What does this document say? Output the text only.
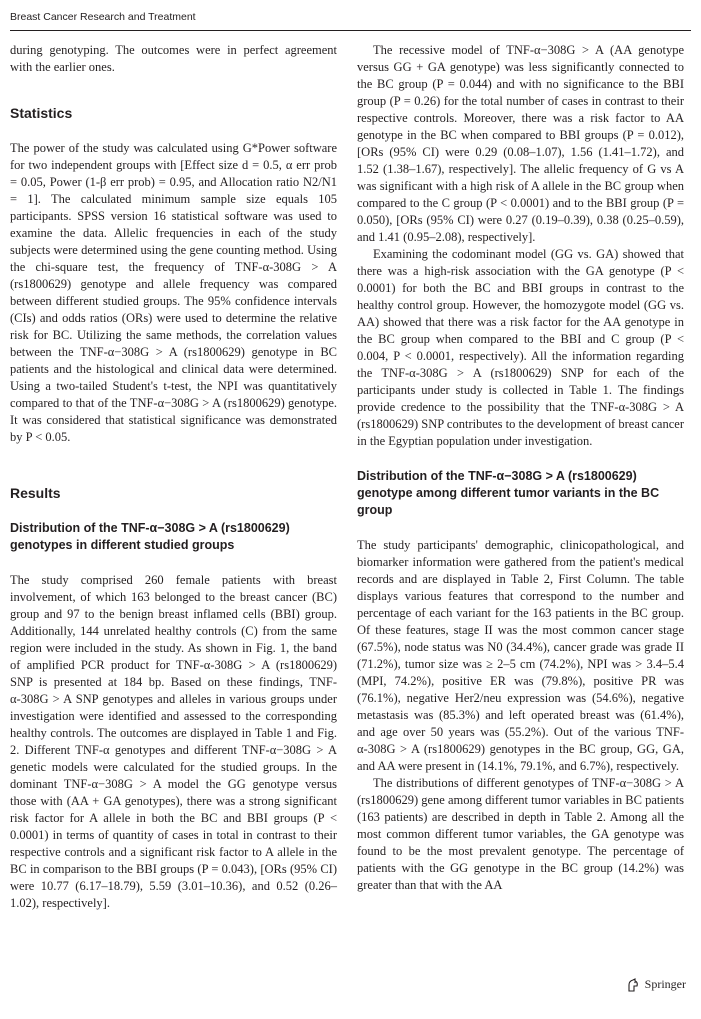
Breast Cancer Research and Treatment

during genotyping. The outcomes were in perfect agreement with the earlier ones.

Statistics

The power of the study was calculated using G*Power software for two independent groups with [Effect size d = 0.5, α err prob = 0.05, Power (1-β err prob) = 0.95, and Allocation ratio N2/N1 = 1]. The calculated minimum sample size equals 105 participants. SPSS version 16 statistical software was used to examine the data. Allelic frequencies in each of the study subjects were determined using the gene counting method. Using the chi-square test, the frequency of TNF-α-308G > A (rs1800629) genotype and allele frequency was compared between different studied groups. The 95% confidence intervals (CIs) and odds ratios (ORs) were used to determine the relative risk for BC. Utilizing the same methods, the correlation values between the TNF-α−308G > A (rs1800629) genotype in BC patients and the histological and clinical data were determined. Using a two-tailed Student's t-test, the NPI was quantitatively compared to that of the TNF-α−308G > A (rs1800629) genotype. It was considered that statistical significance was demonstrated by P < 0.05.

Results
Distribution of the TNF-α−308G > A (rs1800629) genotypes in different studied groups

The study comprised 260 female patients with breast involvement, of which 163 belonged to the breast cancer (BC) group and 97 to the benign breast inflamed cells (BBI) group. Additionally, 144 unrelated healthy controls (C) from the same region were included in the study. As shown in Fig. 1, the band of amplified PCR product for TNF-α-308G > A (rs1800629) SNP is presented at 184 bp. Based on these findings, TNF-α-308G > A SNP genotypes and alleles in various groups under investigation were identified and assessed to the corresponding healthy controls. The outcomes are displayed in Table 1 and Fig. 2. Different TNF-α genotypes and different TNF-α−308G > A genetic models were calculated for the studied groups. In the dominant TNF-α−308G > A model the GG genotype versus those with (AA + GA genotypes), there was a strong significant risk factor for A allele in both the BC and BBI groups (P < 0.0001) in terms of quantity of cases in total in contrast to their respective controls and a significant risk factor to A allele in the BC in comparison to the BBI groups (P = 0.043), [ORs (95% CI) were 10.77 (6.17–18.79), 5.59 (3.01–10.36), and 0.52 (0.26–1.02), respectively].

The recessive model of TNF-α−308G > A (AA genotype versus GG + GA genotype) was less significantly connected to the BC group (P = 0.044) and with no significance to the BBI group (P = 0.26) for the total number of cases in contrast to their respective controls. Moreover, there was a risk factor to AA genotype in the BC when compared to BBI groups (P = 0.012), [ORs (95% CI) were 0.29 (0.08–1.07), 1.56 (1.41–1.72), and 1.52 (1.38–1.67), respectively]. The allelic frequency of G vs A was significant with a high risk of A allele in the BC group when compared to the C group (P < 0.0001) and to the BBI group (P = 0.050), [ORs (95% CI) were 0.27 (0.19–0.39), 0.38 (0.25–0.59), and 1.41 (0.95–2.08), respectively].

Examining the codominant model (GG vs. GA) showed that there was a high-risk association with the GA genotype (P < 0.0001) for both the BC and BBI groups in contrast to the healthy control group. However, the homozygote model (GG vs. AA) showed that there was a risk factor for the AA genotype in the BC group when compared to the BBI and C group (P < 0.004, P < 0.0001, respectively). All the information regarding the TNF-α-308G > A (rs1800629) SNP for each of the participants under study is collected in Table 1. The findings provide credence to the possibility that the TNF-α-308G > A (rs1800629) SNP contributes to the development of breast cancer in the Egyptian population under investigation.

Distribution of the TNF-α−308G > A (rs1800629) genotype among different tumor variants in the BC group

The study participants' demographic, clinicopathological, and biomarker information were gathered from the patient's medical records and are displayed in Table 2, First Column. The table displays various features that correspond to the number and percentage of each variant for the 163 patients in the BC group. Of these features, stage II was the most common cancer stage (67.5%), node status was N0 (34.4%), cancer grade was grade II (71.2%), tumor size was ≥ 2–5 cm (74.2%), NPI was > 3.4–5.4 (MPI, 74.2%), positive ER was (79.8%), positive PR was (76.1%), negative Her2/neu expression was (54.6%), negative metastasis was (85.3%) and left operated breast was (61.4%), and age over 50 years was (55.2%). Out of the various TNF-α-308G > A (rs1800629) genotypes in the BC group, GG, GA, and AA were present in (14.1%, 79.1%, and 6.7%), respectively.

The distributions of different genotypes of TNF-α−308G > A (rs1800629) gene among different tumor variables in BC patients (163 patients) are described in depth in Table 2. Among all the most common different tumor variables, the GA genotype was found to be the most prevalent genotype. The percentage of patients with the GG genotype in the BC group (14.2%) was greater than that with the AA

Springer
